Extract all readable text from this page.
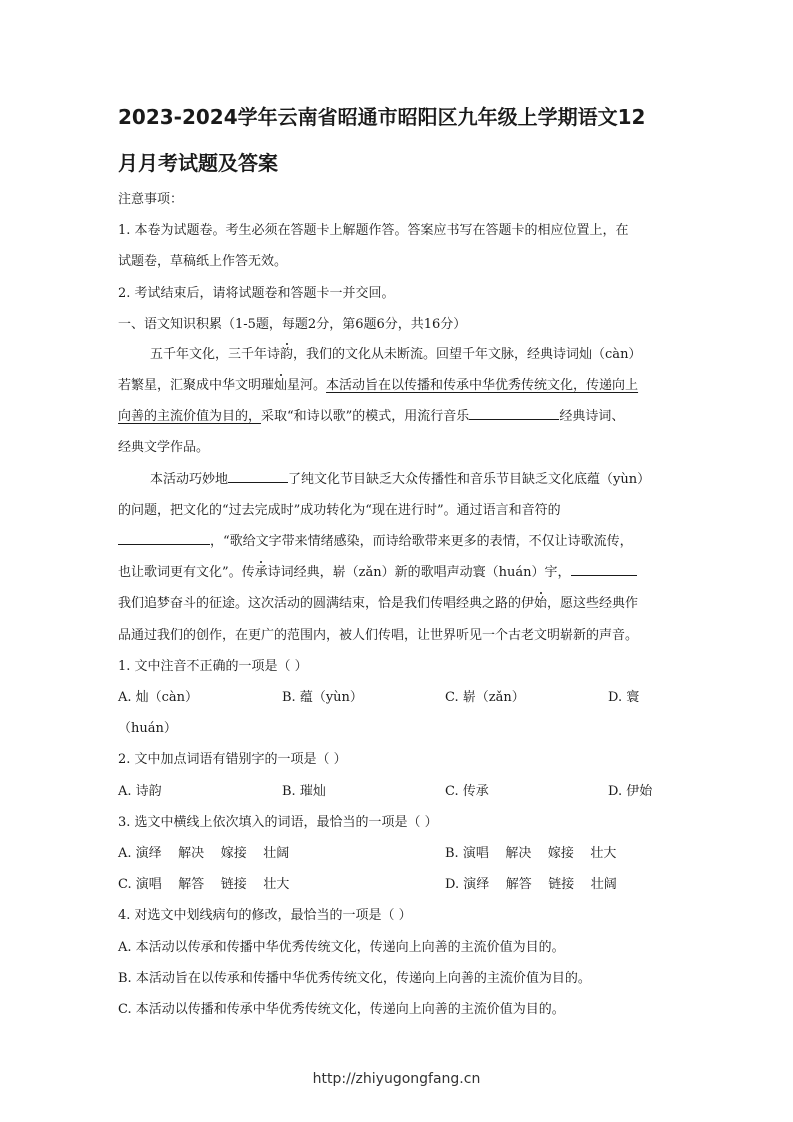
2023-2024学年云南省昭通市昭阳区九年级上学期语文12
月月考试题及答案
注意事项：
1. 本卷为试题卷。考生必须在答题卡上解题作答。答案应书写在答题卡的相应位置上，在
试题卷，草稿纸上作答无效。
2. 考试结束后，请将试题卷和答题卡一并交回。
一、语文知识积累（1-5题，每题2分，第6题6分，共16分）
五千年文化，三千年诗韵，我们的文化从未断流。回望千年文脉，经典诗词灿（càn）
若繁星，汇聚成中华文明璀灿星河。本活动旨在以传播和传承中华优秀传统文化，传递向上
向善的主流价值为目的，采取“和诗以歌”的模式，用流行音乐	经典诗词、
经典文学作品。
本活动巧妙地	了纯文化节目缺乏大众传播性和音乐节目缺乏文化底蕴（yùn）
的问题，把文化的“过去完成时”成功转化为“现在进行时”。通过语言和音符的
，“歌给文字带来情绪感染，而诗给歌带来更多的表情，不仅让诗歌流传，
也让歌词更有文化”。传承诗词经典，崭（zǎn）新的歌唱声动寰（huán）宇，
我们追梦奋斗的征途。这次活动的圆满结束，恰是我们传唱经典之路的伊始，愿这些经典作
品通过我们的创作，在更广的范围内，被人们传唱，让世界听见一个古老文明崭新的声音。
1. 文中注音不正确的一项是（ ）
A. 灿（càn）	B. 蕴（yùn）	C. 崭（zǎn）	D. 寰
（huán）
2. 文中加点词语有错别字的一项是（ ）
A. 诗韵	B. 璀灿	C. 传承	D. 伊始
3. 选文中横线上依次填入的词语，最恰当的一项是（ ）
A. 演绎    解决    嫁接    壮阔	B. 演唱    解决    嫁接    壮大
C. 演唱    解答    链接    壮大	D. 演绎    解答    链接    壮阔
4. 对选文中划线病句的修改，最恰当的一项是（ ）
A. 本活动以传承和传播中华优秀传统文化，传递向上向善的主流价值为目的。
B. 本活动旨在以传承和传播中华优秀传统文化，传递向上向善的主流价值为目的。
C. 本活动以传播和传承中华优秀传统文化，传递向上向善的主流价值为目的。
http://zhiyugongfang.cn
